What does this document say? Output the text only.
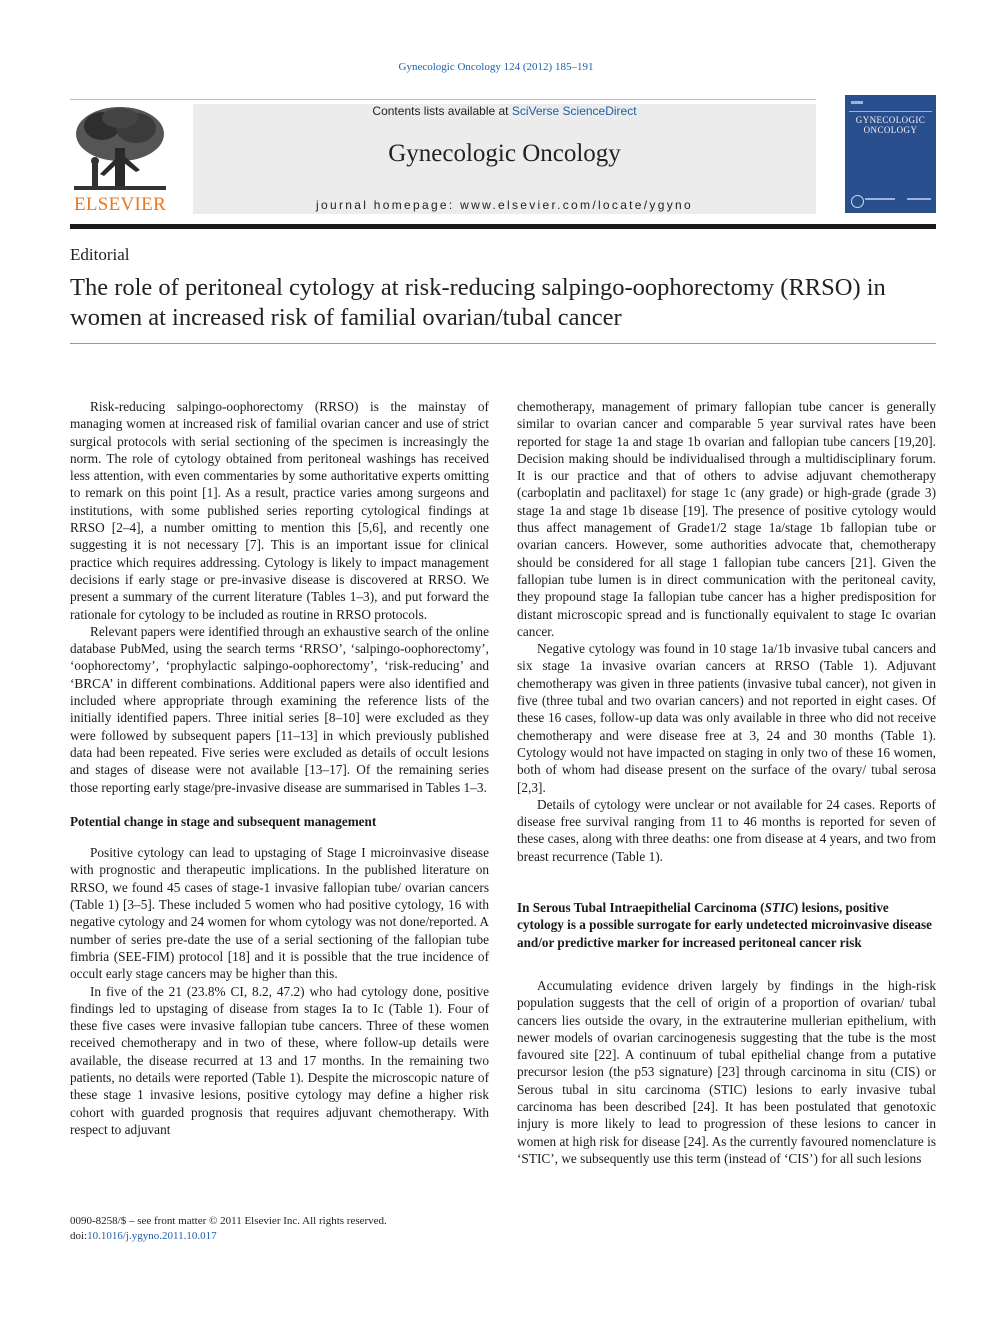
Gynecologic Oncology 124 (2012) 185–191
ELSEVIER
Contents lists available at SciVerse ScienceDirect
Gynecologic Oncology
journal homepage: www.elsevier.com/locate/ygyno
GYNECOLOGIC ONCOLOGY
Editorial
The role of peritoneal cytology at risk-reducing salpingo-oophorectomy (RRSO) in women at increased risk of familial ovarian/tubal cancer

Risk-reducing salpingo-oophorectomy (RRSO) is the mainstay of managing women at increased risk of familial ovarian cancer and use of strict surgical protocols with serial sectioning of the specimen is increasingly the norm. The role of cytology obtained from peritoneal washings has received less attention, with even commentaries by some authoritative experts omitting to remark on this point [1]. As a result, practice varies among surgeons and institutions, with some published series reporting cytological findings at RRSO [2–4], a number omitting to mention this [5,6], and recently one suggesting it is not necessary [7]. This is an important issue for clinical practice which requires addressing. Cytology is likely to impact management decisions if early stage or pre-invasive disease is discovered at RRSO. We present a summary of the current literature (Tables 1–3), and put forward the rationale for cytology to be included as routine in RRSO protocols.

Relevant papers were identified through an exhaustive search of the online database PubMed, using the search terms ‘RRSO’, ‘salpingo-oophorectomy’, ‘oophorectomy’, ‘prophylactic salpingo-oophorectomy’, ‘risk-reducing’ and ‘BRCA’ in different combinations. Additional papers were also identified and included where appropriate through examining the reference lists of the initially identified papers. Three initial series [8–10] were excluded as they were followed by subsequent papers [11–13] in which previously published data had been repeated. Five series were excluded as details of occult lesions and stages of disease were not available [13–17]. Of the remaining series those reporting early stage/pre-invasive disease are summarised in Tables 1–3.

Potential change in stage and subsequent management

Positive cytology can lead to upstaging of Stage I microinvasive disease with prognostic and therapeutic implications. In the published literature on RRSO, we found 45 cases of stage-1 invasive fallopian tube/ ovarian cancers (Table 1) [3–5]. These included 5 women who had positive cytology, 16 with negative cytology and 24 women for whom cytology was not done/reported. A number of series pre-date the use of a serial sectioning of the fallopian tube fimbria (SEE-FIM) protocol [18] and it is possible that the true incidence of occult early stage cancers may be higher than this.

In five of the 21 (23.8% CI, 8.2, 47.2) who had cytology done, positive findings led to upstaging of disease from stages Ia to Ic (Table 1). Four of these five cases were invasive fallopian tube cancers. Three of these women received chemotherapy and in two of these, where follow-up details were available, the disease recurred at 13 and 17 months. In the remaining two patients, no details were reported (Table 1). Despite the microscopic nature of these stage 1 invasive lesions, positive cytology may define a higher risk cohort with guarded prognosis that requires adjuvant chemotherapy. With respect to adjuvant

chemotherapy, management of primary fallopian tube cancer is generally similar to ovarian cancer and comparable 5 year survival rates have been reported for stage 1a and stage 1b ovarian and fallopian tube cancers [19,20]. Decision making should be individualised through a multidisciplinary forum. It is our practice and that of others to advise adjuvant chemotherapy (carboplatin and paclitaxel) for stage 1c (any grade) or high-grade (grade 3) stage 1a and stage 1b disease [19]. The presence of positive cytology would thus affect management of Grade1/2 stage 1a/stage 1b fallopian tube or ovarian cancers. However, some authorities advocate that, chemotherapy should be considered for all stage 1 fallopian tube cancers [21]. Given the fallopian tube lumen is in direct communication with the peritoneal cavity, they propound stage Ia fallopian tube cancer has a higher predisposition for distant microscopic spread and is functionally equivalent to stage Ic ovarian cancer.

Negative cytology was found in 10 stage 1a/1b invasive tubal cancers and six stage 1a invasive ovarian cancers at RRSO (Table 1). Adjuvant chemotherapy was given in three patients (invasive tubal cancer), not given in five (three tubal and two ovarian cancers) and not reported in eight cases. Of these 16 cases, follow-up data was only available in three who did not receive chemotherapy and were disease free at 3, 24 and 30 months (Table 1). Cytology would not have impacted on staging in only two of these 16 women, both of whom had disease present on the surface of the ovary/ tubal serosa [2,3].

Details of cytology were unclear or not available for 24 cases. Reports of disease free survival ranging from 11 to 46 months is reported for seven of these cases, along with three deaths: one from disease at 4 years, and two from breast recurrence (Table 1).

In Serous Tubal Intraepithelial Carcinoma (STIC) lesions, positive cytology is a possible surrogate for early undetected microinvasive disease and/or predictive marker for increased peritoneal cancer risk

Accumulating evidence driven largely by findings in the high-risk population suggests that the cell of origin of a proportion of ovarian/ tubal cancers lies outside the ovary, in the extrauterine mullerian epithelium, with newer models of ovarian carcinogenesis suggesting that the tube is the most favoured site [22]. A continuum of tubal epithelial change from a putative precursor lesion (the p53 signature) [23] through carcinoma in situ (CIS) or Serous tubal in situ carcinoma (STIC) lesions to early invasive tubal carcinoma has been described [24]. It has been postulated that genotoxic injury is more likely to lead to progression of these lesions to cancer in women at high risk for disease [24]. As the currently favoured nomenclature is ‘STIC’, we subsequently use this term (instead of ‘CIS’) for all such lesions

0090-8258/$ – see front matter © 2011 Elsevier Inc. All rights reserved.
doi:10.1016/j.ygyno.2011.10.017
